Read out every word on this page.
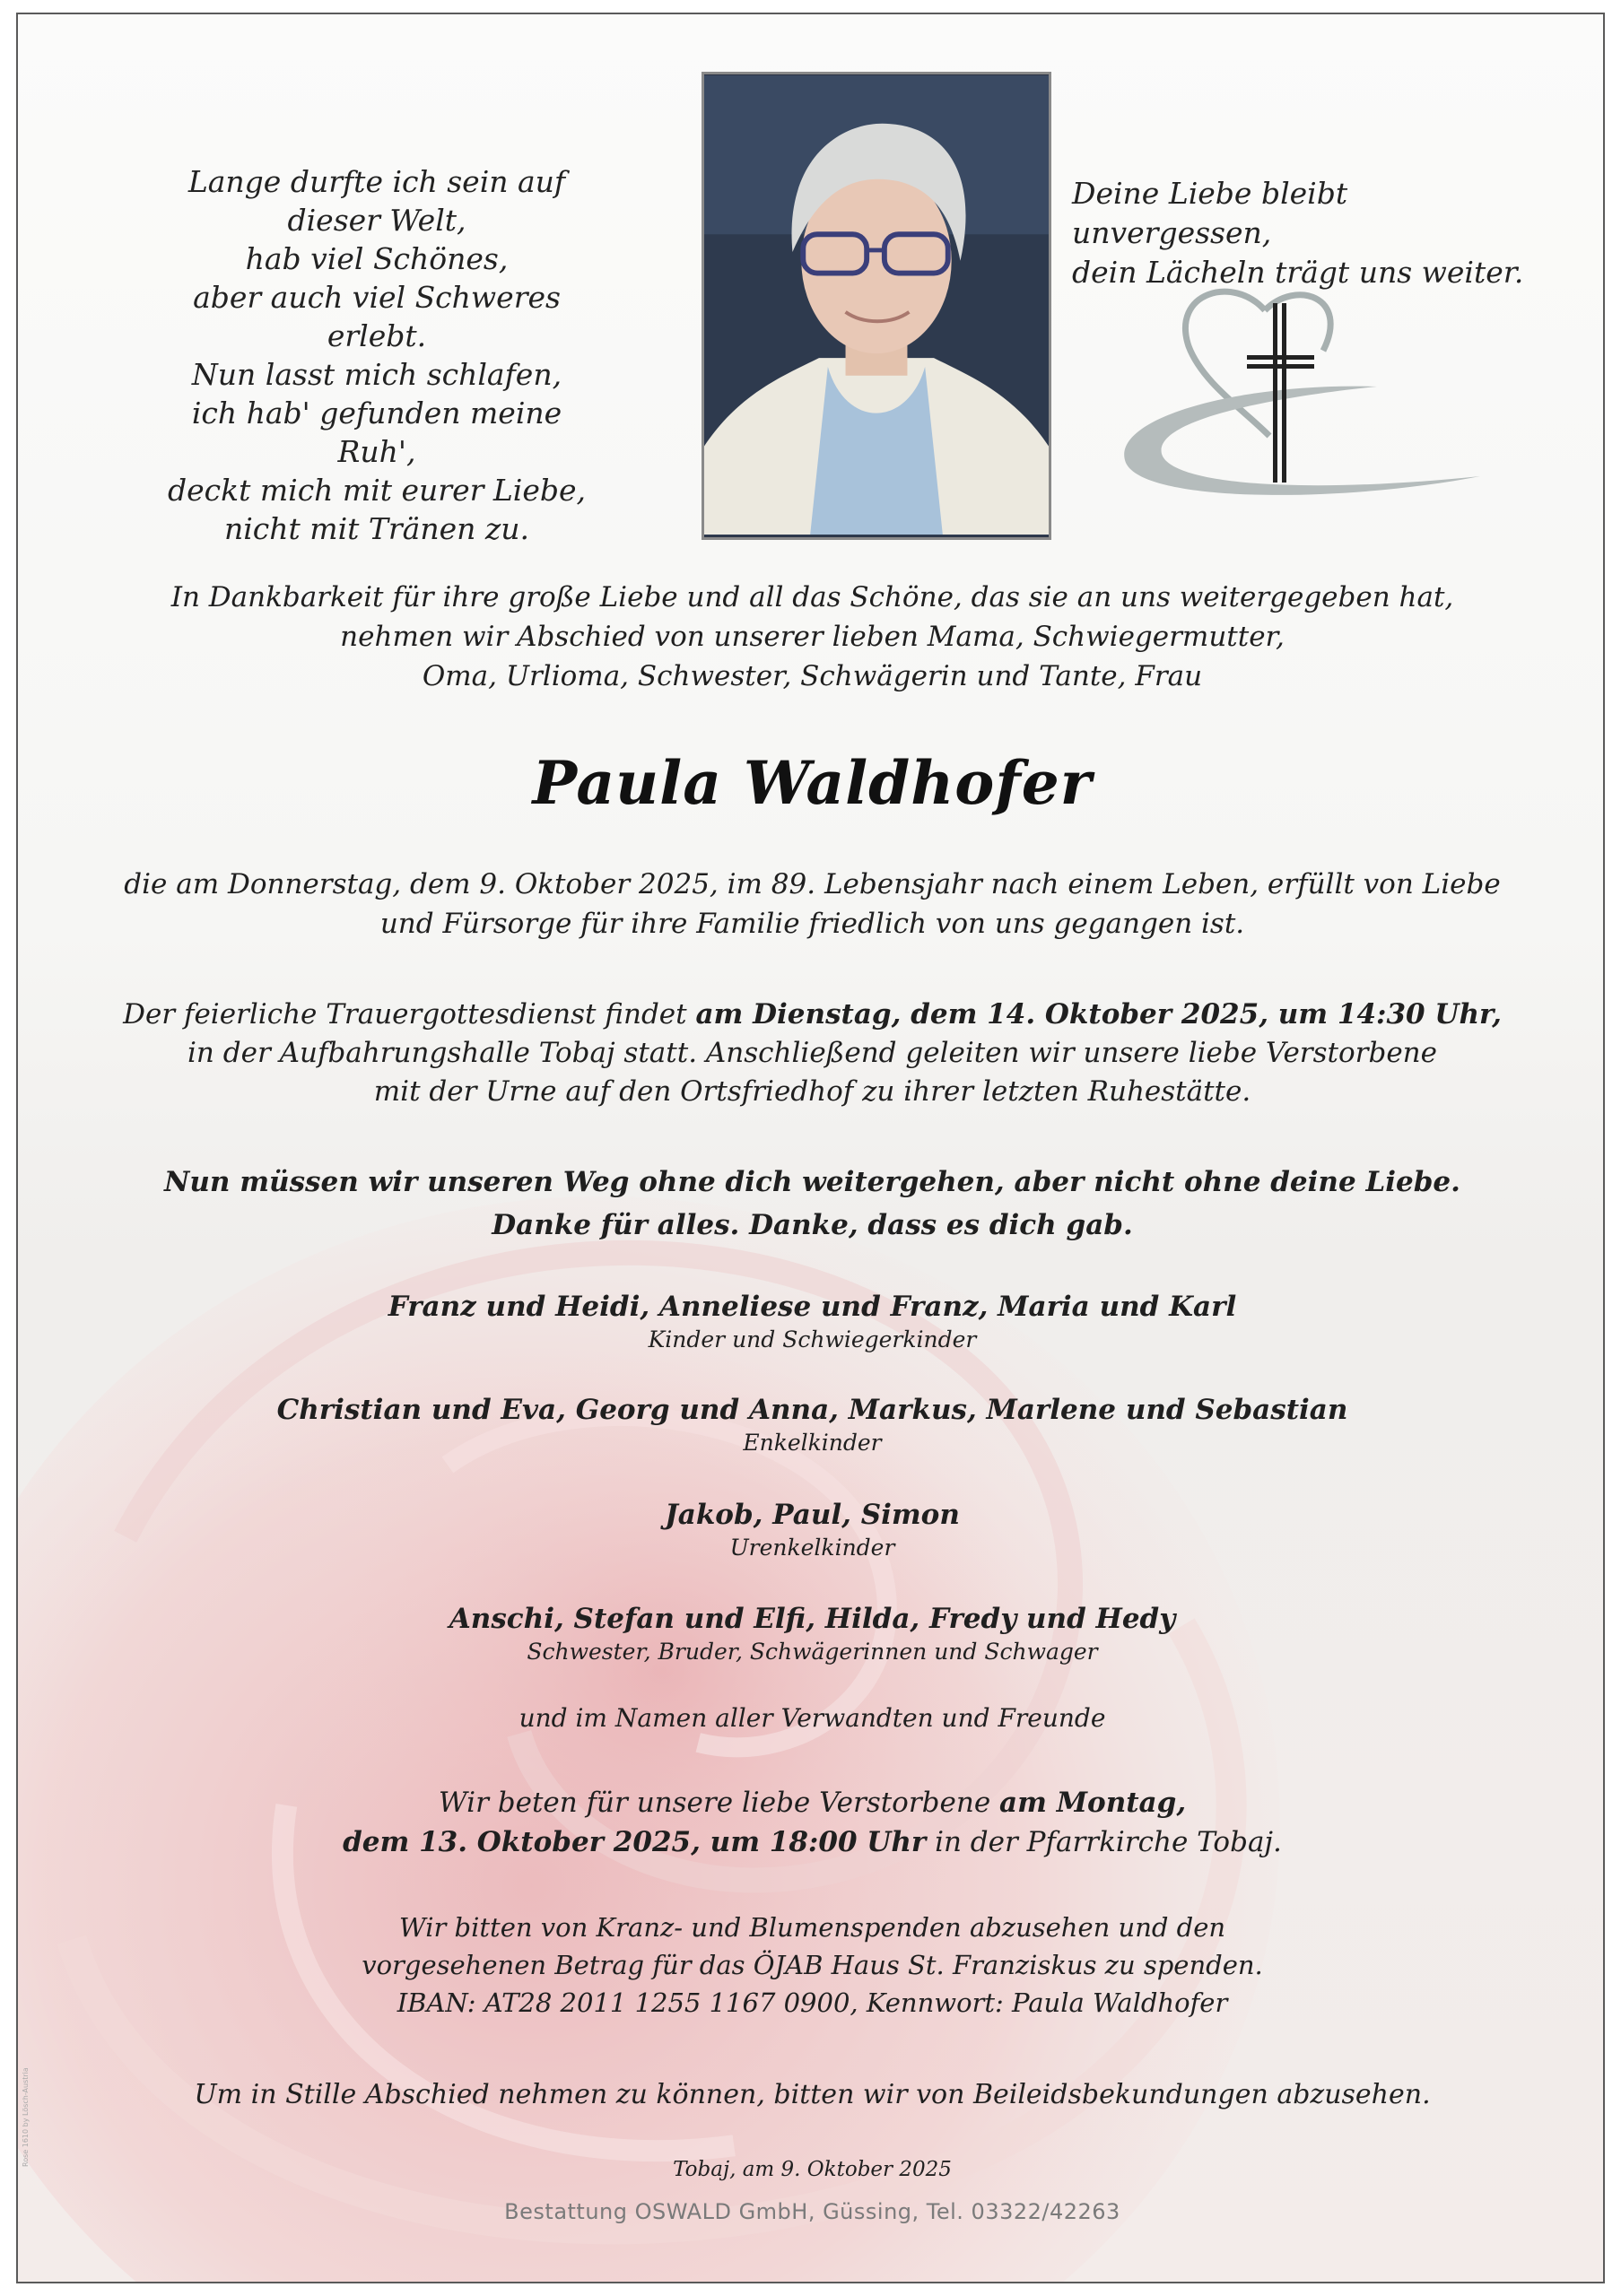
Lange durfte ich sein auf dieser Welt,
hab viel Schönes,
aber auch viel Schweres erlebt.
Nun lasst mich schlafen,
ich hab' gefunden meine Ruh',
deckt mich mit eurer Liebe,
nicht mit Tränen zu.
Deine Liebe bleibt unvergessen,
dein Lächeln trägt uns weiter.
In Dankbarkeit für ihre große Liebe und all das Schöne, das sie an uns weitergegeben hat,
nehmen wir Abschied von unserer lieben Mama, Schwiegermutter,
Oma, Urlioma, Schwester, Schwägerin und Tante, Frau
Paula Waldhofer
die am Donnerstag, dem 9. Oktober 2025, im 89. Lebensjahr nach einem Leben, erfüllt von Liebe
und Fürsorge für ihre Familie friedlich von uns gegangen ist.
Der feierliche Trauergottesdienst findet am Dienstag, dem 14. Oktober 2025, um 14:30 Uhr,
in der Aufbahrungshalle Tobaj statt. Anschließend geleiten wir unsere liebe Verstorbene
mit der Urne auf den Ortsfriedhof zu ihrer letzten Ruhestätte.
Nun müssen wir unseren Weg ohne dich weitergehen, aber nicht ohne deine Liebe.
Danke für alles. Danke, dass es dich gab.
Franz und Heidi, Anneliese und Franz, Maria und Karl
Kinder und Schwiegerkinder
Christian und Eva, Georg und Anna, Markus, Marlene und Sebastian
Enkelkinder
Jakob, Paul, Simon
Urenkelkinder
Anschi, Stefan und Elfi, Hilda, Fredy und Hedy
Schwester, Bruder, Schwägerinnen und Schwager
und im Namen aller Verwandten und Freunde
Wir beten für unsere liebe Verstorbene am Montag,
dem 13. Oktober 2025, um 18:00 Uhr in der Pfarrkirche Tobaj.
Wir bitten von Kranz- und Blumenspenden abzusehen und den
vorgesehenen Betrag für das ÖJAB Haus St. Franziskus zu spenden.
IBAN: AT28 2011 1255 1167 0900, Kennwort: Paula Waldhofer
Um in Stille Abschied nehmen zu können, bitten wir von Beileidsbekundungen abzusehen.
Tobaj, am 9. Oktober 2025
Bestattung OSWALD GmbH, Güssing, Tel. 03322/42263
Rose 1610 by Lösch-Austria
